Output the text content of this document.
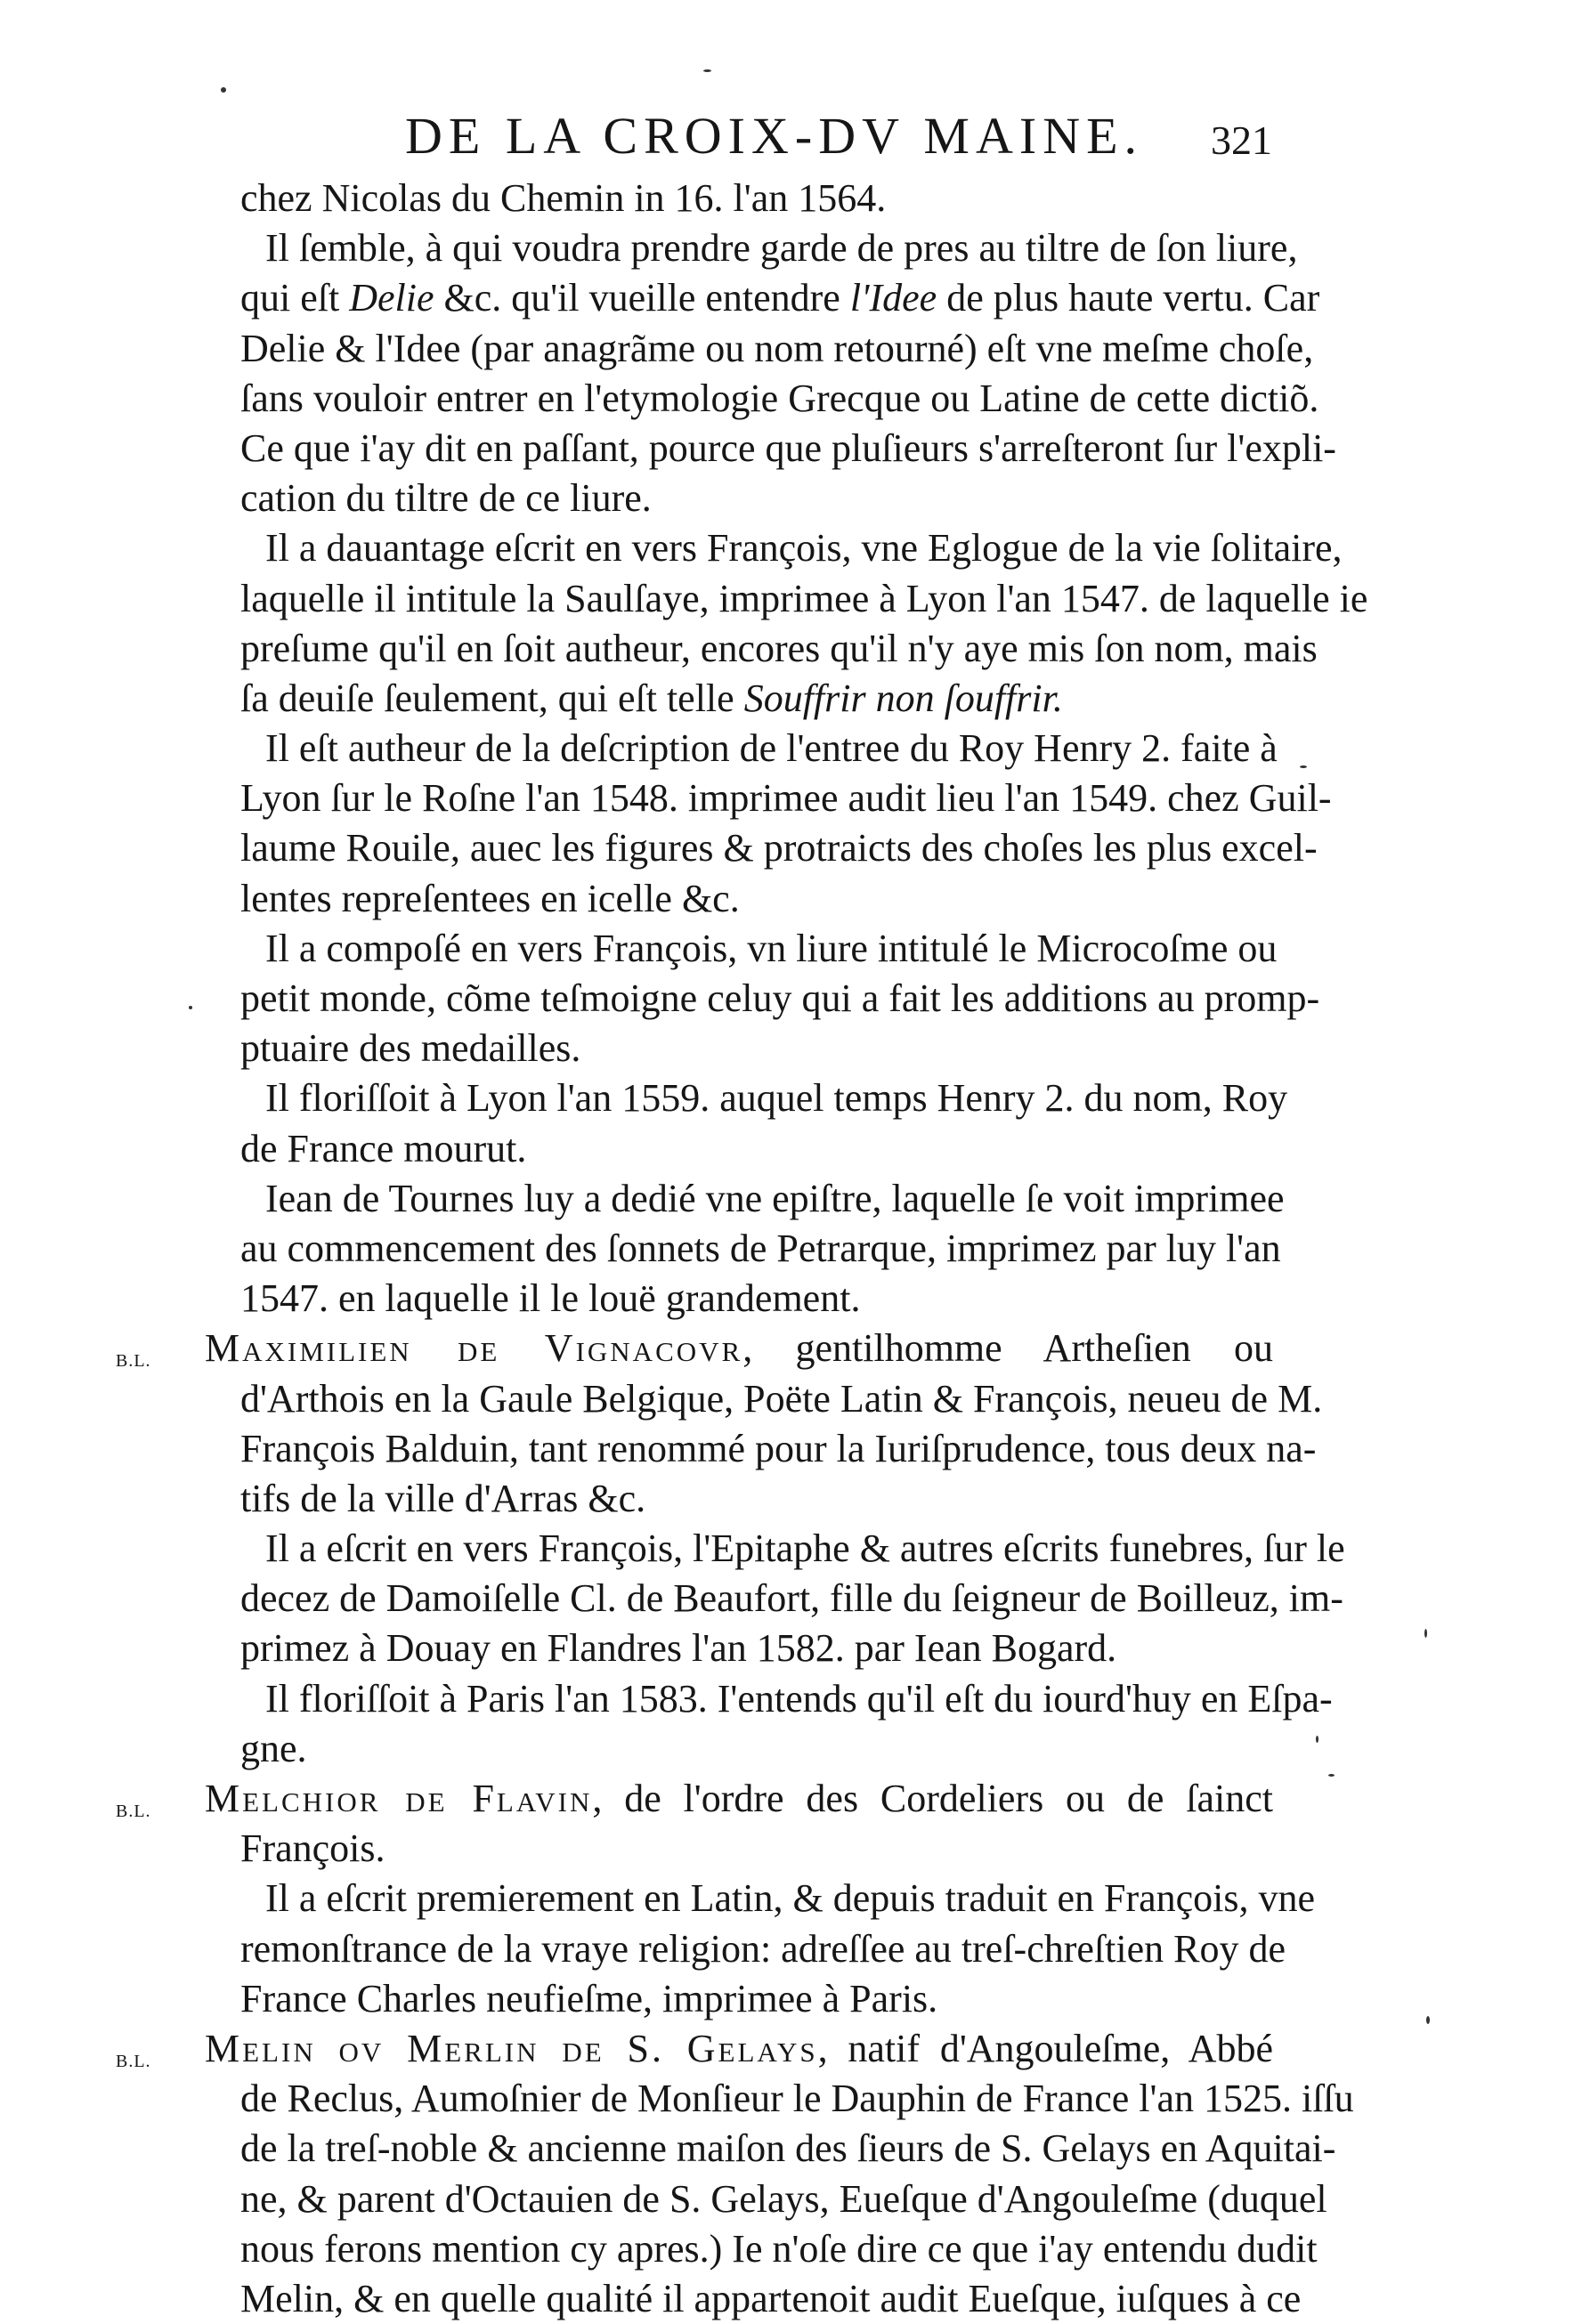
DE LA CROIX-DV MAINE. 321
chez Nicolas du Chemin in 16. l'an 1564.
Il ſemble, à qui voudra prendre garde de pres au tiltre de ſon liure,
qui eſt Delie &c. qu'il vueille entendre l'Idee de plus haute vertu. Car
Delie & l'Idee (par anagrãme ou nom retourné) eſt vne meſme choſe,
ſans vouloir entrer en l'etymologie Grecque ou Latine de cette dictiõ.
Ce que i'ay dit en paſſant, pource que pluſieurs s'arreſteront ſur l'expli-
cation du tiltre de ce liure.
Il a dauantage eſcrit en vers François, vne Eglogue de la vie ſolitaire,
laquelle il intitule la Saulſaye, imprimee à Lyon l'an 1547. de laquelle ie
preſume qu'il en ſoit autheur, encores qu'il n'y aye mis ſon nom, mais
ſa deuiſe ſeulement, qui eſt telle Souffrir non ſouffrir.
Il eſt autheur de la deſcription de l'entree du Roy Henry 2. faite à
Lyon ſur le Roſne l'an 1548. imprimee audit lieu l'an 1549. chez Guil-
laume Rouile, auec les figures & protraicts des choſes les plus excel-
lentes repreſentees en icelle &c.
Il a compoſé en vers François, vn liure intitulé le Microcoſme ou
petit monde, cõme teſmoigne celuy qui a fait les additions au promp-
ptuaire des medailles.
Il floriſſoit à Lyon l'an 1559. auquel temps Henry 2. du nom, Roy
de France mourut.
Iean de Tournes luy a dedié vne epiſtre, laquelle ſe voit imprimee
au commencement des ſonnets de Petrarque, imprimez par luy l'an
1547. en laquelle il le louë grandement.
B.L. Maximilien de Vignacovr, gentilhomme Artheſien ou
d'Arthois en la Gaule Belgique, Poëte Latin & François, neueu de M.
François Balduin, tant renommé pour la Iuriſprudence, tous deux na-
tifs de la ville d'Arras &c.
Il a eſcrit en vers François, l'Epitaphe & autres eſcrits funebres, ſur le
decez de Damoiſelle Cl. de Beaufort, fille du ſeigneur de Boilleuz, im-
primez à Douay en Flandres l'an 1582. par Iean Bogard.
Il floriſſoit à Paris l'an 1583. I'entends qu'il eſt du iourd'huy en Eſpa-
gne.
B.L. Melchior de Flavin, de l'ordre des Cordeliers ou de ſainct
François.
Il a eſcrit premierement en Latin, & depuis traduit en François, vne
remonſtrance de la vraye religion: adreſſee au treſ-chreſtien Roy de
France Charles neufieſme, imprimee à Paris.
B.L. Melin ov Merlin de S. Gelays, natif d'Angouleſme, Abbé
de Reclus, Aumoſnier de Monſieur le Dauphin de France l'an 1525. iſſu
de la treſ-noble & ancienne maiſon des ſieurs de S. Gelays en Aquitai-
ne, & parent d'Octauien de S. Gelays, Eueſque d'Angouleſme (duquel
nous ferons mention cy apres.) Ie n'oſe dire ce que i'ay entendu dudit
Melin, & en quelle qualité il appartenoit audit Eueſque, iuſques à ce
